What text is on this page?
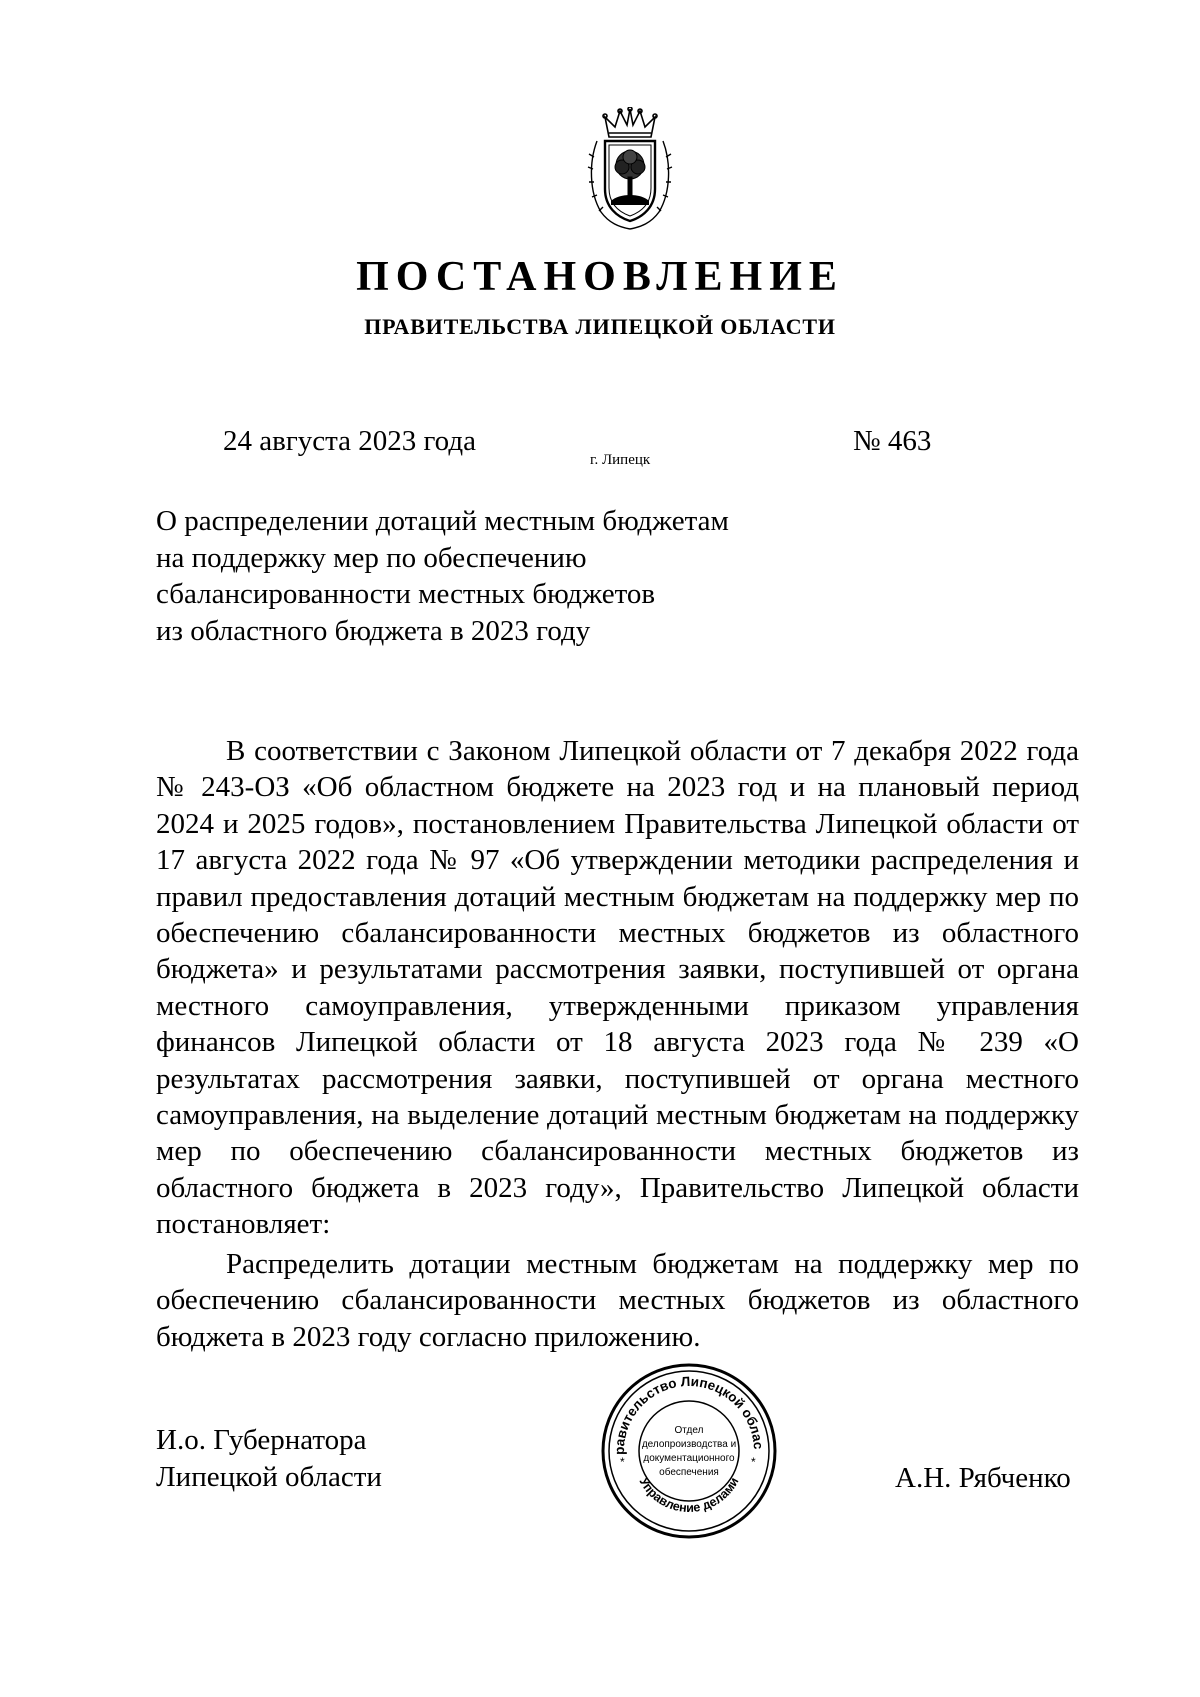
ПОСТАНОВЛЕНИЕ
ПРАВИТЕЛЬСТВА ЛИПЕЦКОЙ ОБЛАСТИ
24 августа 2023 года
г. Липецк
№ 463
О распределении дотаций местным бюджетам
на поддержку мер по обеспечению
сбалансированности местных бюджетов
из областного бюджета в 2023 году

В соответствии с Законом Липецкой области от 7 декабря 2022 года № 243-ОЗ «Об областном бюджете на 2023 год и на плановый период 2024 и 2025 годов», постановлением Правительства Липецкой области от 17 августа 2022 года № 97 «Об утверждении методики распределения и правил предоставления дотаций местным бюджетам на поддержку мер по обеспечению сбалансированности местных бюджетов из областного бюджета» и результатами рассмотрения заявки, поступившей от органа местного самоуправления, утвержденными приказом управления финансов Липецкой области от 18 августа 2023 года № 239 «О результатах рассмотрения заявки, поступившей от органа местного самоуправления, на выделение дотаций местным бюджетам на поддержку мер по обеспечению сбалансированности местных бюджетов из областного бюджета в 2023 году», Правительство Липецкой области постановляет:

Распределить дотации местным бюджетам на поддержку мер по обеспечению сбалансированности местных бюджетов из областного бюджета в 2023 году согласно приложению.

И.о. Губернатора
Липецкой области	А.Н. Рябченко
равительство Липецкой облас
Управление делами
*	*
Отдел
делопроизводства и
документационного
обеспечения
